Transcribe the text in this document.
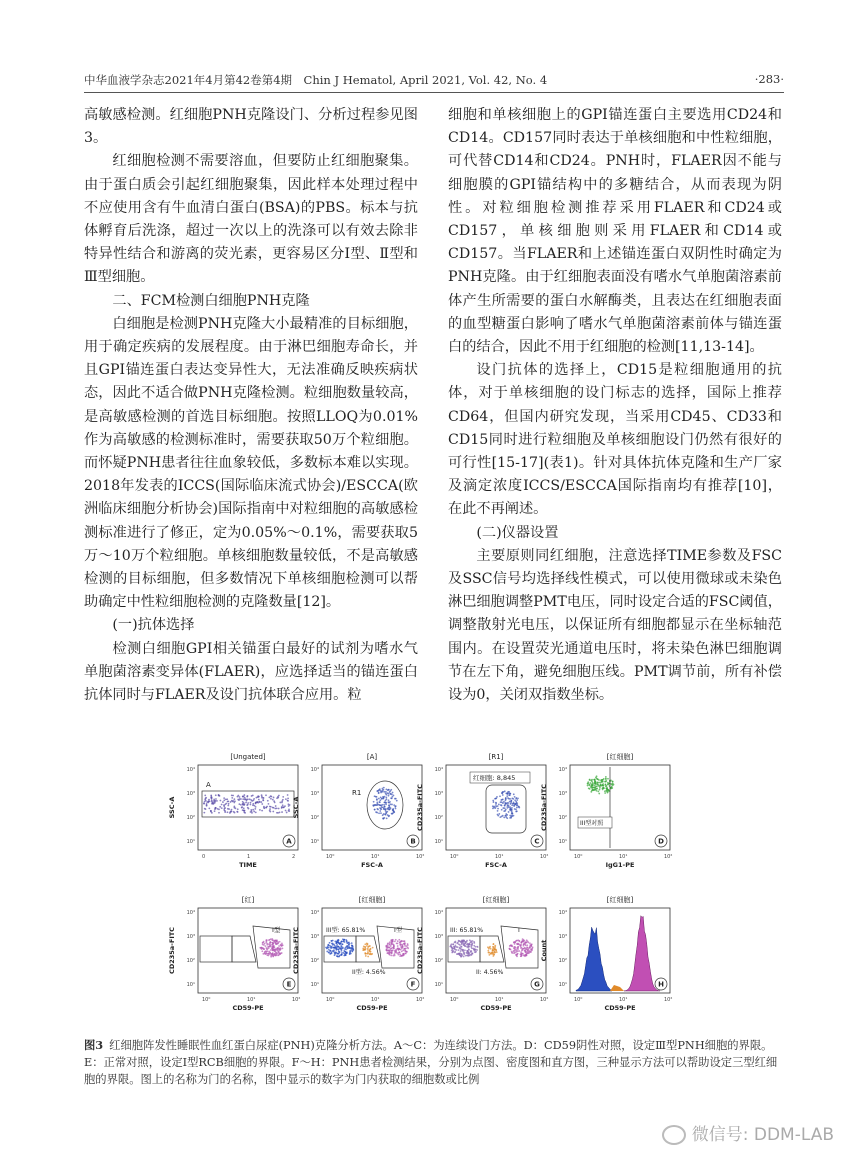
中华血液学杂志2021年4月第42卷第4期　Chin J Hematol, April 2021, Vol. 42, No. 4	·283·

高敏感检测。红细胞PNH克隆设门、分析过程参见图3。

红细胞检测不需要溶血，但要防止红细胞聚集。由于蛋白质会引起红细胞聚集，因此样本处理过程中不应使用含有牛血清白蛋白(BSA)的PBS。标本与抗体孵育后洗涤，超过一次以上的洗涤可以有效去除非特异性结合和游离的荧光素，更容易区分Ⅰ型、Ⅱ型和Ⅲ型细胞。

二、FCM检测白细胞PNH克隆

白细胞是检测PNH克隆大小最精准的目标细胞，用于确定疾病的发展程度。由于淋巴细胞寿命长，并且GPI锚连蛋白表达变异性大，无法准确反映疾病状态，因此不适合做PNH克隆检测。粒细胞数量较高，是高敏感检测的首选目标细胞。按照LLOQ为0.01%作为高敏感的检测标准时，需要获取50万个粒细胞。而怀疑PNH患者往往血象较低，多数标本难以实现。2018年发表的ICCS(国际临床流式协会)/ESCCA(欧洲临床细胞分析协会)国际指南中对粒细胞的高敏感检测标准进行了修正，定为0.05%～0.1%，需要获取5万～10万个粒细胞。单核细胞数量较低，不是高敏感检测的目标细胞，但多数情况下单核细胞检测可以帮助确定中性粒细胞检测的克隆数量[12]。

(一)抗体选择

检测白细胞GPI相关锚蛋白最好的试剂为嗜水气单胞菌溶素变异体(FLAER)，应选择适当的锚连蛋白抗体同时与FLAER及设门抗体联合应用。粒

细胞和单核细胞上的GPI锚连蛋白主要选用CD24和CD14。CD157同时表达于单核细胞和中性粒细胞，可代替CD14和CD24。PNH时，FLAER因不能与细胞膜的GPI锚结构中的多糖结合，从而表现为阴性。对粒细胞检测推荐采用FLAER和CD24或CD157，单核细胞则采用FLAER和CD14或CD157。当FLAER和上述锚连蛋白双阴性时确定为PNH克隆。由于红细胞表面没有嗜水气单胞菌溶素前体产生所需要的蛋白水解酶类，且表达在红细胞表面的血型糖蛋白影响了嗜水气单胞菌溶素前体与锚连蛋白的结合，因此不用于红细胞的检测[11,13-14]。

设门抗体的选择上，CD15是粒细胞通用的抗体，对于单核细胞的设门标志的选择，国际上推荐CD64，但国内研究发现，当采用CD45、CD33和CD15同时进行粒细胞及单核细胞设门仍然有很好的可行性[15-17](表1)。针对具体抗体克隆和生产厂家及滴定浓度ICCS/ESCCA国际指南均有推荐[10]，在此不再阐述。

(二)仪器设置

主要原则同红细胞，注意选择TIME参数及FSC及SSC信号均选择线性模式，可以使用微球或未染色淋巴细胞调整PMT电压，同时设定合适的FSC阈值，调整散射光电压，以保证所有细胞都显示在坐标轴范围内。在设置荧光通道电压时，将未染色淋巴细胞调节在左下角，避免细胞压线。PMT调节前，所有补偿设为0，关闭双指数坐标。

[Ungated]
TIME
SSC-A
10⁴
10³
10²
10¹
0	1	2
A
A
[A]
FSC-A
SSC-A
10⁴
10³
10²
10¹
10⁰	10¹	10²
B
R1
[R1]
FSC-A
CD235a-FITC
10⁴
10³
10²
10¹
10⁰	10¹	10²
C
红细胞: 8,845
[红细胞]
IgG1-PE
CD235a-FITC
10⁴
10³
10²
10¹
10⁰	10¹	10²
D
III型对照
[红]
CD59-PE
CD235a-FITC
10⁴
10³
10²
10¹
10⁰	10¹	10²
E
I型
[红细胞]
CD59-PE
CD235a-FITC
10⁴
10³
10²
10¹
10⁰	10¹	10²
F
III型: 65.81%	I型
II型: 4.56%
[红细胞]
CD59-PE
CD235a-FITC
10⁴
10³
10²
10¹
10⁰	10¹	10²
G
III: 65.81%	I
II: 4.56%
[红细胞]
CD59-PE
Count
10⁴
10³
10²
10¹
10⁰	10¹	10²
H
图3 红细胞阵发性睡眠性血红蛋白尿症(PNH)克隆分析方法。A～C：为连续设门方法。D：CD59阴性对照，设定Ⅲ型PNH细胞的界限。E：正常对照，设定Ⅰ型RCB细胞的界限。F～H：PNH患者检测结果，分别为点图、密度图和直方图，三种显示方法可以帮助设定三型红细胞的界限。图上的名称为门的名称，图中显示的数字为门内获取的细胞数或比例
微信号: DDM-LAB
